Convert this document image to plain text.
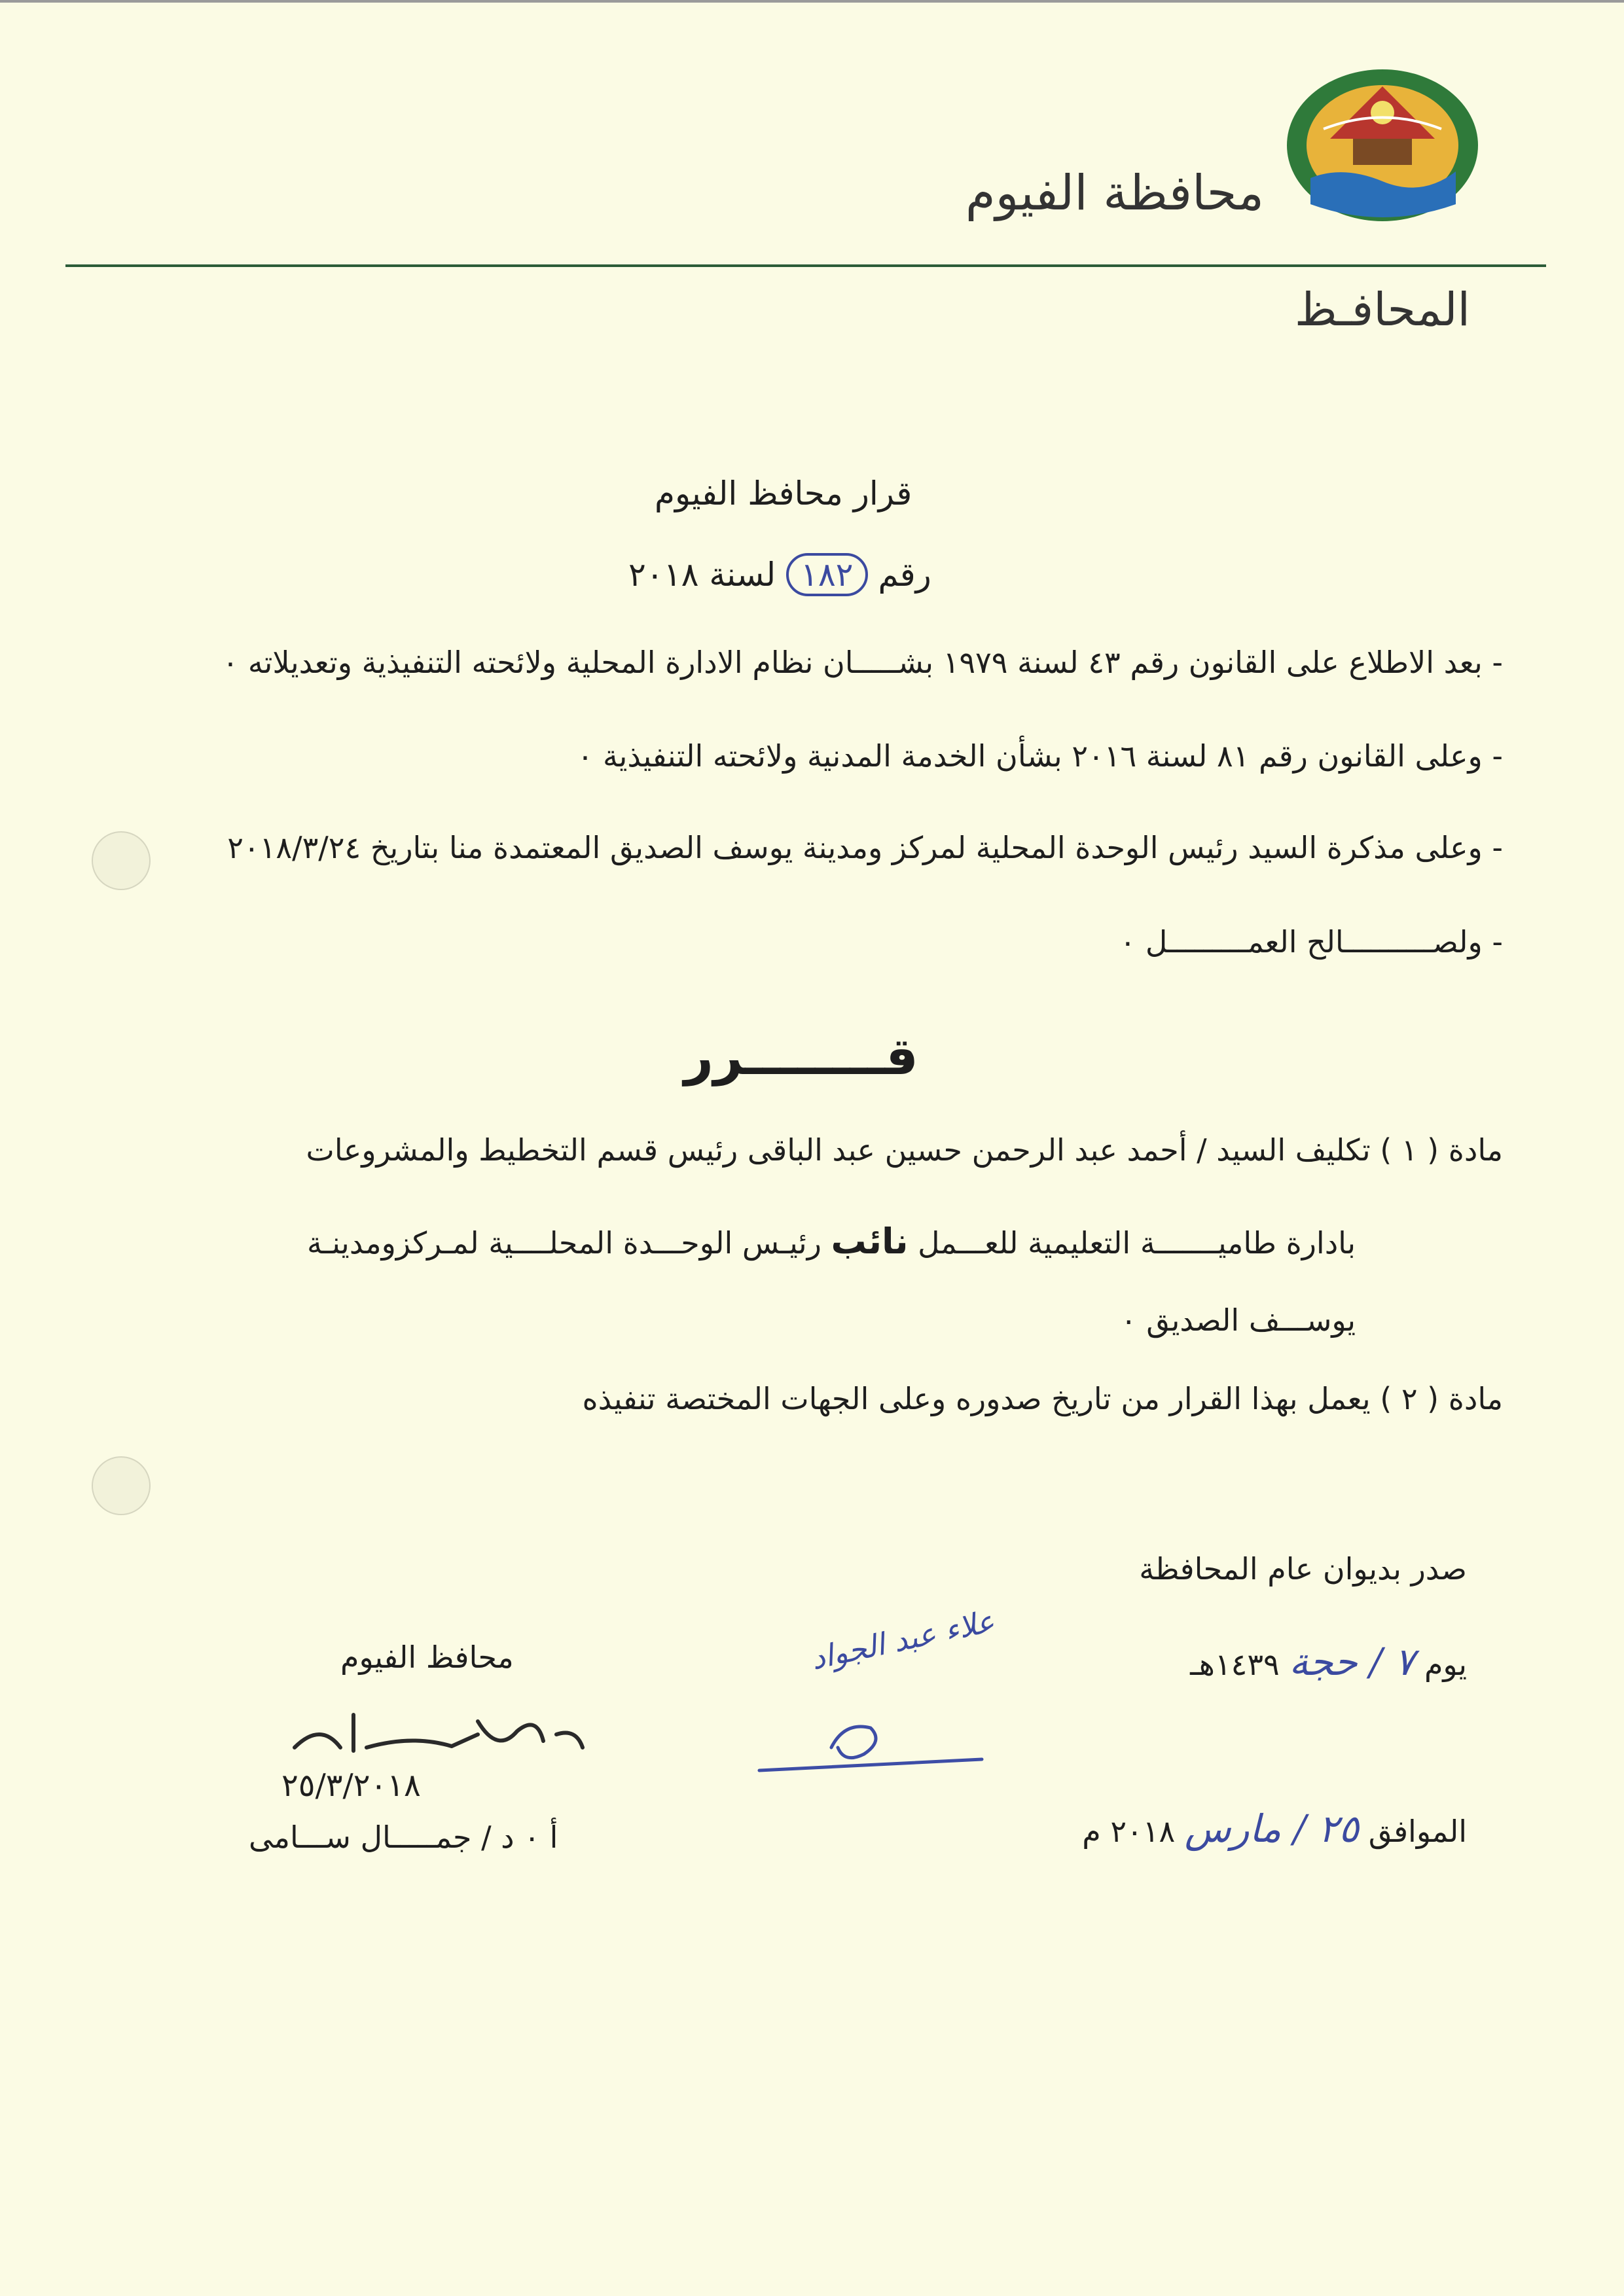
محافظة الفيوم
المحافـظ
قرار محافظ الفيوم
رقم ١٨٢ لسنة ٢٠١٨
- بعد الاطلاع على القانون رقم ٤٣ لسنة ١٩٧٩ بشـــــان نظام الادارة المحلية ولائحته التنفيذية وتعديلاته ٠
- وعلى القانون رقم ٨١ لسنة ٢٠١٦ بشأن الخدمة المدنية ولائحته التنفيذية ٠
- وعلى مذكرة السيد رئيس الوحدة المحلية لمركز ومدينة يوسف الصديق المعتمدة منا بتاريخ ٢٠١٨/٣/٢٤
- ولصــــــــــالح العمـــــــــل ٠
قــــــــرر
مادة ( ١ ) تكليف السيد / أحمد عبد الرحمن حسين عبد الباقى رئيس قسم التخطيط والمشروعات
بادارة طاميـــــــة التعليمية للعـــمل نائب رئيـس الوحـــدة المحلــــية لمـركزومدينـة
يوســـف الصديق ٠
مادة ( ٢ ) يعمل بهذا القرار من تاريخ صدوره وعلى الجهات المختصة تنفيذه
صدر بديوان عام المحافظة
يوم ٧ / حجة ١٤٣٩هـ
الموافق ٢٥ / مارس ٢٠١٨ م
علاء عبد الجواد
محافظ الفيوم
٢٥/٣/٢٠١٨
أ ٠ د / جمـــــال ســـامى
